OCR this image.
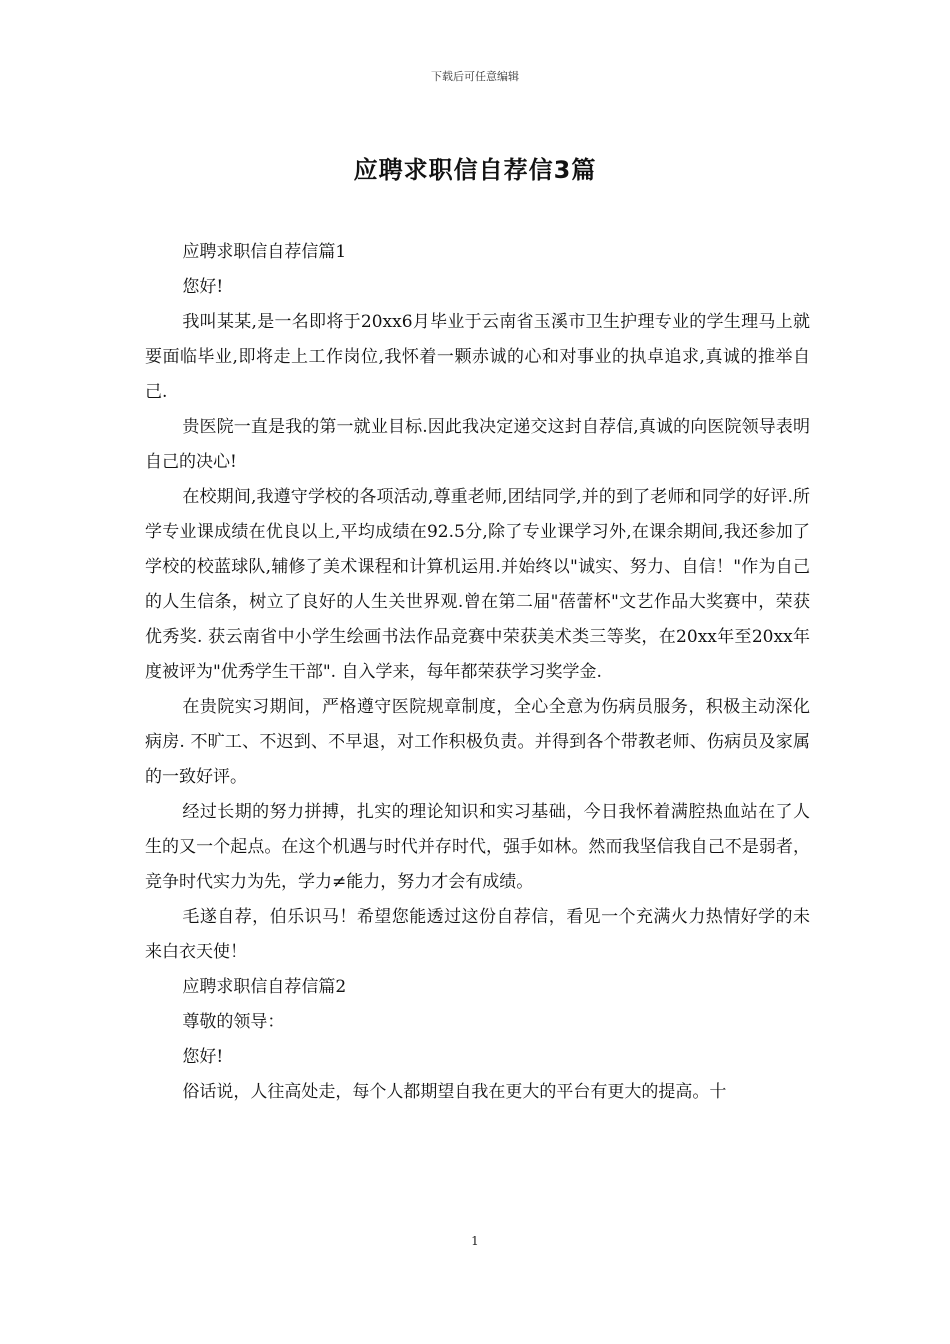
下载后可任意编辑
应聘求职信自荐信3篇

应聘求职信自荐信篇1

您好!

我叫某某,是一名即将于20xx6月毕业于云南省玉溪市卫生护理专业的学生理马上就要面临毕业,即将走上工作岗位,我怀着一颗赤诚的心和对事业的执卓追求,真诚的推举自己.

贵医院一直是我的第一就业目标.因此我决定递交这封自荐信,真诚的向医院领导表明自己的决心!

在校期间,我遵守学校的各项活动,尊重老师,团结同学,并的到了老师和同学的好评.所学专业课成绩在优良以上,平均成绩在92.5分,除了专业课学习外,在课余期间,我还参加了学校的校蓝球队,辅修了美术课程和计算机运用.并始终以"诚实、努力、自信！"作为自己的人生信条，树立了良好的人生关世界观.曾在第二届"蓓蕾杯"文艺作品大奖赛中，荣获优秀奖. 获云南省中小学生绘画书法作品竞赛中荣获美术类三等奖，在20xx年至20xx年度被评为"优秀学生干部". 自入学来，每年都荣获学习奖学金.

在贵院实习期间，严格遵守医院规章制度，全心全意为伤病员服务，积极主动深化病房. 不旷工、不迟到、不早退，对工作积极负责。并得到各个带教老师、伤病员及家属的一致好评。

经过长期的努力拼搏，扎实的理论知识和实习基础，今日我怀着满腔热血站在了人生的又一个起点。在这个机遇与时代并存时代，强手如林。然而我坚信我自己不是弱者，竞争时代实力为先，学力≠能力，努力才会有成绩。

毛遂自荐，伯乐识马！希望您能透过这份自荐信，看见一个充满火力热情好学的未来白衣天使！

应聘求职信自荐信篇2

尊敬的领导：

您好!

俗话说，人往高处走，每个人都期望自我在更大的平台有更大的提高。十

1
